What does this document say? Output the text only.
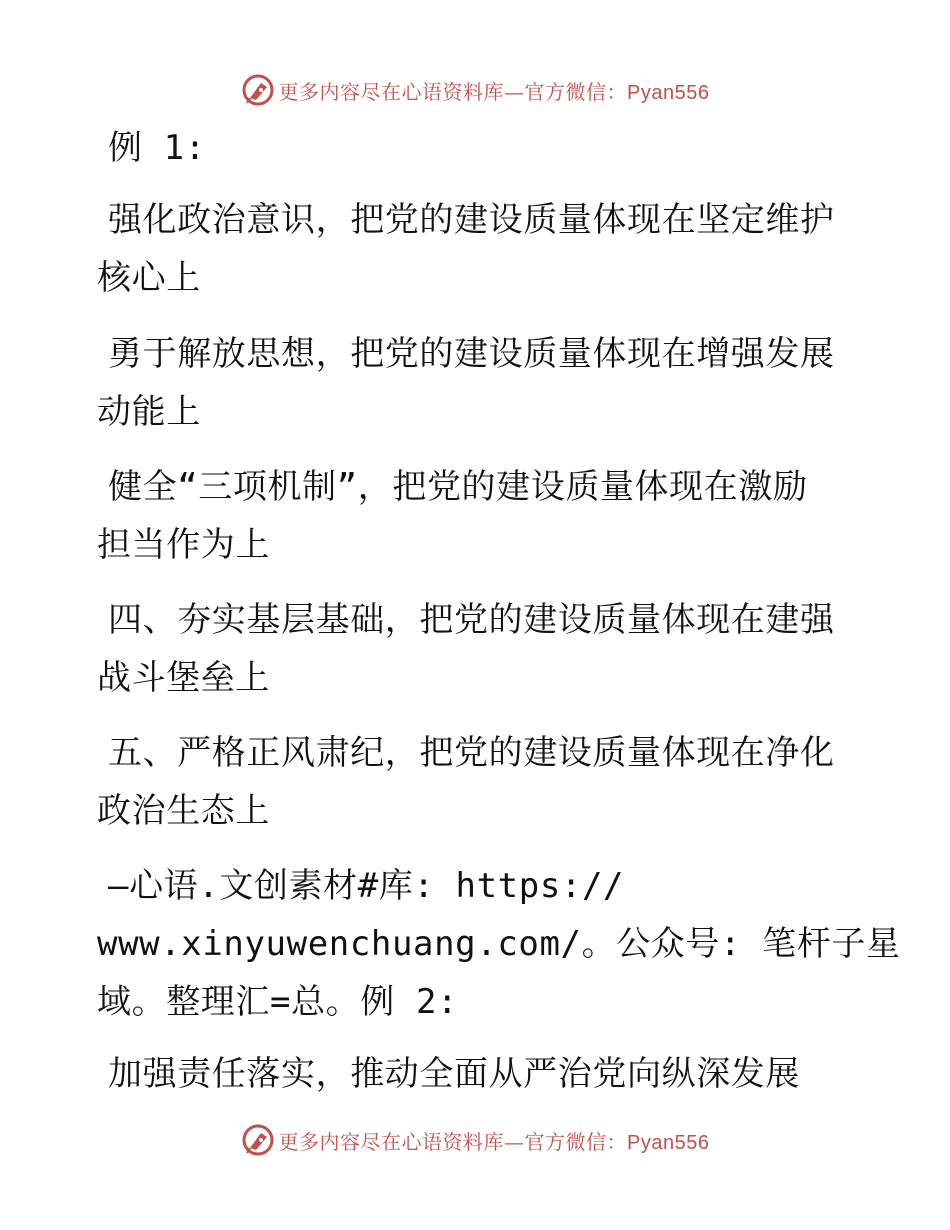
更多内容尽在心语资料库—官方微信：Pyan556
例 1:
强化政治意识，把党的建设质量体现在坚定维护
核心上
勇于解放思想，把党的建设质量体现在增强发展
动能上
健全“三项机制”，把党的建设质量体现在激励
担当作为上
四、夯实基层基础，把党的建设质量体现在建强
战斗堡垒上
五、严格正风肃纪，把党的建设质量体现在净化
政治生态上
—心语.文创素材#库: https://
www.xinyuwenchuang.com/。公众号: 笔杆子星
域。整理汇=总。例 2:
加强责任落实，推动全面从严治党向纵深发展
更多内容尽在心语资料库—官方微信：Pyan556
